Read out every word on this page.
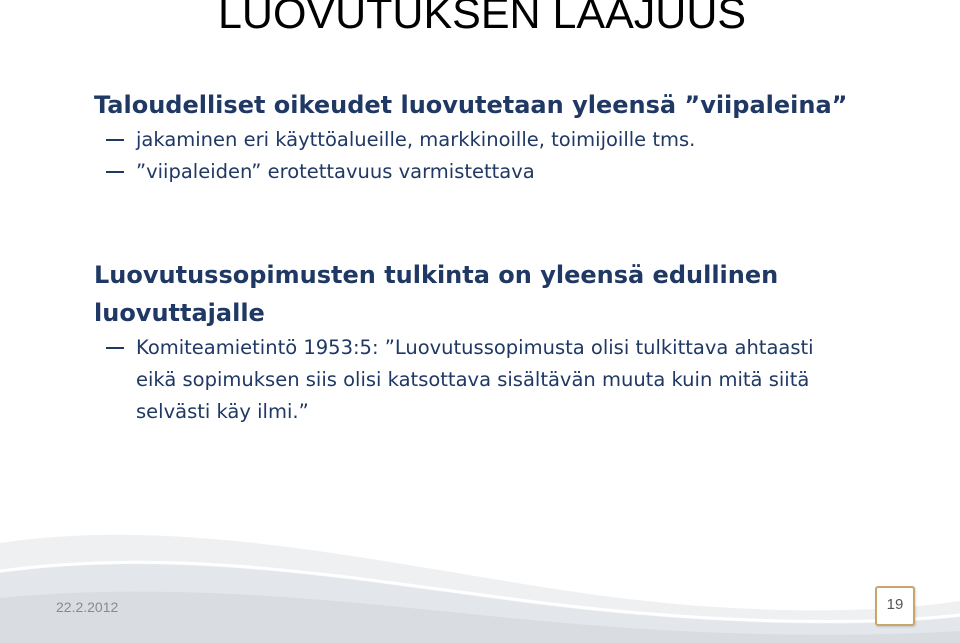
LUOVUTUKSEN LAAJUUS

Taloudelliset oikeudet luovutetaan yleensä ”viipaleina”

jakaminen eri käyttöalueille, markkinoille, toimijoille tms.

”viipaleiden” erotettavuus varmistettava

Luovutussopimusten tulkinta on yleensä edullinen

luovuttajalle

Komiteamietintö 1953:5: ”Luovutussopimusta olisi tulkittava ahtaasti

eikä sopimuksen siis olisi katsottava sisältävän muuta kuin mitä siitä

selvästi käy ilmi.”

22.2.2012	19
